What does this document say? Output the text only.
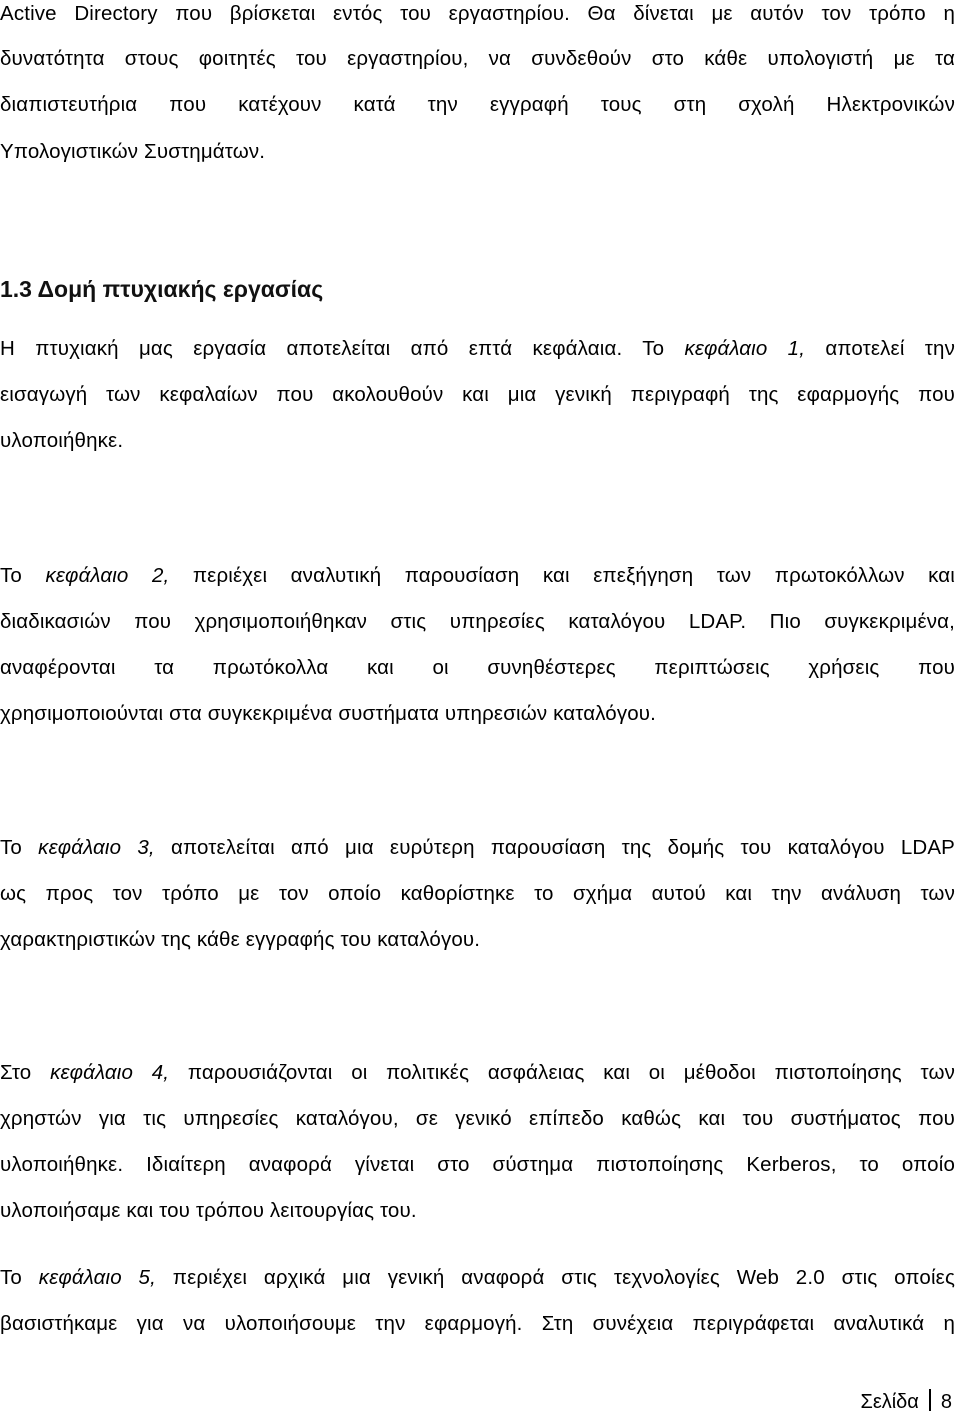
Active Directory που βρίσκεται εντός του εργαστηρίου. Θα δίνεται με αυτόν τον τρόπο η
δυνατότητα στους φοιτητές του εργαστηρίου, να συνδεθούν στο κάθε υπολογιστή με τα
διαπιστευτήρια που κατέχουν κατά την εγγραφή τους στη σχολή Ηλεκτρονικών
Υπολογιστικών Συστημάτων.
1.3 Δομή πτυχιακής εργασίας
Η πτυχιακή μας εργασία αποτελείται από επτά κεφάλαια. Το κεφάλαιο 1, αποτελεί την
εισαγωγή των κεφαλαίων που ακολουθούν και μια γενική περιγραφή της εφαρμογής που
υλοποιήθηκε.
Το κεφάλαιο 2, περιέχει αναλυτική παρουσίαση και επεξήγηση των πρωτοκόλλων και
διαδικασιών που χρησιμοποιήθηκαν στις υπηρεσίες καταλόγου LDAP. Πιο συγκεκριμένα,
αναφέρονται τα πρωτόκολλα και οι συνηθέστερες περιπτώσεις χρήσεις που
χρησιμοποιούνται στα συγκεκριμένα συστήματα υπηρεσιών καταλόγου.
Το κεφάλαιο 3, αποτελείται από μια ευρύτερη παρουσίαση της δομής του καταλόγου LDAP
ως προς τον τρόπο με τον οποίο καθορίστηκε το σχήμα αυτού και την ανάλυση των
χαρακτηριστικών της κάθε εγγραφής του καταλόγου.
Στο κεφάλαιο 4, παρουσιάζονται οι πολιτικές ασφάλειας και οι μέθοδοι πιστοποίησης των
χρηστών για τις υπηρεσίες καταλόγου, σε γενικό επίπεδο καθώς και του συστήματος που
υλοποιήθηκε. Ιδιαίτερη αναφορά γίνεται στο σύστημα πιστοποίησης Kerberos, το οποίο
υλοποιήσαμε και του τρόπου λειτουργίας του.
Το κεφάλαιο 5, περιέχει αρχικά μια γενική αναφορά στις τεχνολογίες Web 2.0 στις οποίες
βασιστήκαμε για να υλοποιήσουμε την εφαρμογή. Στη συνέχεια περιγράφεται αναλυτικά η
Σελίδα 8
